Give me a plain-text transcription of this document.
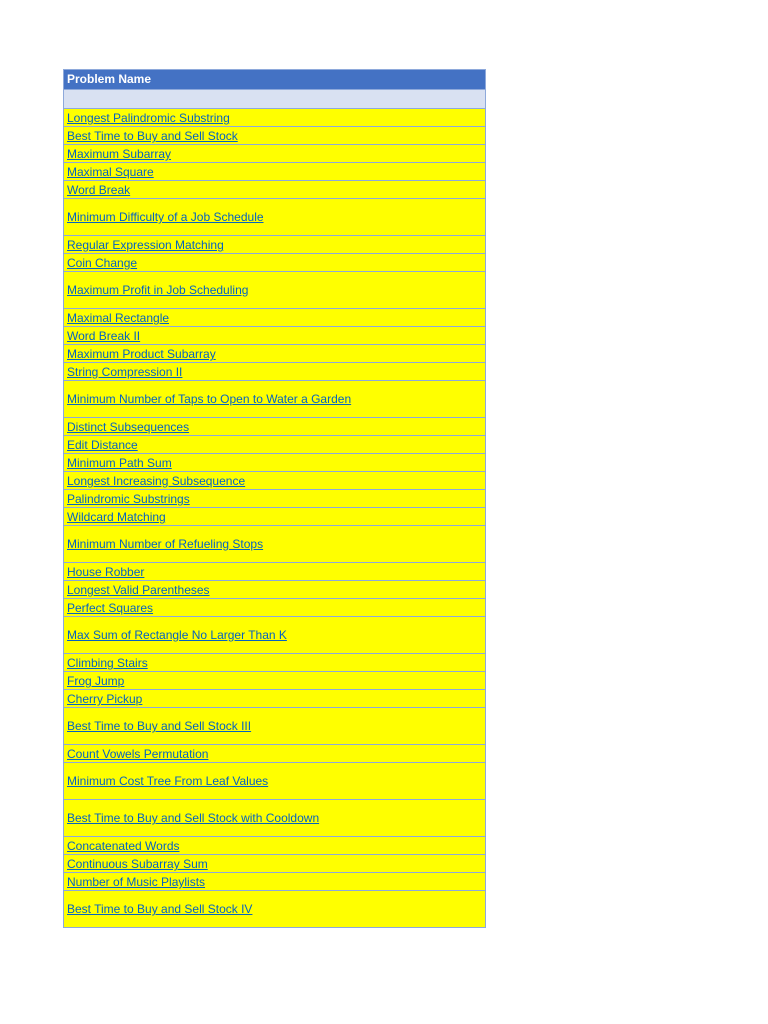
Problem Name
Longest Palindromic Substring
Best Time to Buy and Sell Stock
Maximum Subarray
Maximal Square
Word Break
Minimum Difficulty of a Job Schedule
Regular Expression Matching
Coin Change
Maximum Profit in Job Scheduling
Maximal Rectangle
Word Break II
Maximum Product Subarray
String Compression II
Minimum Number of Taps to Open to Water a Garden
Distinct Subsequences
Edit Distance
Minimum Path Sum
Longest Increasing Subsequence
Palindromic Substrings
Wildcard Matching
Minimum Number of Refueling Stops
House Robber
Longest Valid Parentheses
Perfect Squares
Max Sum of Rectangle No Larger Than K
Climbing Stairs
Frog Jump
Cherry Pickup
Best Time to Buy and Sell Stock III
Count Vowels Permutation
Minimum Cost Tree From Leaf Values
Best Time to Buy and Sell Stock with Cooldown
Concatenated Words
Continuous Subarray Sum
Number of Music Playlists
Best Time to Buy and Sell Stock IV
